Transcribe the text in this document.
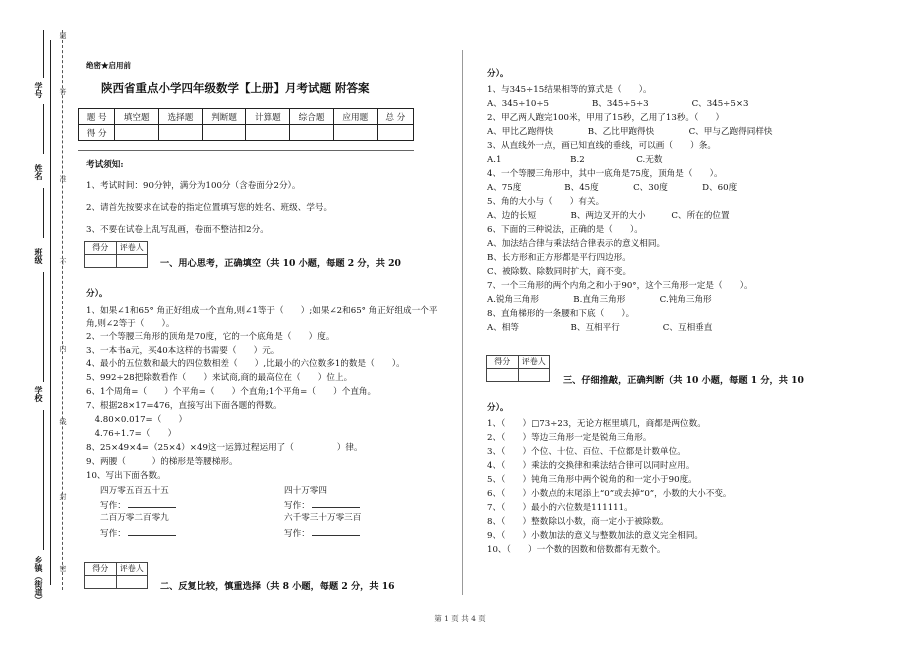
学号
姓名
班级
学校
乡镇（街道）
题
答
准
不
内
线
封
密
绝密★启用前
陕西省重点小学四年级数学【上册】月考试题 附答案
题 号	填空题	选择题	判断题	计算题	综合题	应用题	总 分
得 分							
考试须知:
1、考试时间：90分钟，满分为100分（含卷面分2分）。
2、请首先按要求在试卷的指定位置填写您的姓名、班级、学号。
3、不要在试卷上乱写乱画，卷面不整洁扣2分。
得分	评卷人
一、用心思考，正确填空（共 10 小题，每题 2 分，共 20
分）。
1、如果∠1和65° 角正好组成一个直角,则∠1等于（　　）;如果∠2和65° 角正好组成一个平
角,则∠2等于（　　）。
2、一个等腰三角形的顶角是70度，它的一个底角是（　　）度。
3、一本书a元，买40本这样的书需要（　　）元。
4、最小的五位数和最大的四位数相差（　　）,比最小的六位数多1的数是（　　）。
5、992÷28把除数看作（　　）来试商,商的最高位在（　　）位上。
6、1个周角=（　　）个平角=（　　）个直角;1个平角=（　　）个直角。
7、根据28×17=476，直接写出下面各题的得数。
　4.80×0.017=（　　）
　4.76÷1.7=（　　）
8、25×49×4=（25×4）×49这一运算过程运用了（　　　　　）律。
9、两腰（　　　）的梯形是等腰梯形。
10、写出下面各数。
四万零五百五十五	四十万零四
写作：	写作：
二百万零二百零九	六千零三十万零三百
写作：	写作：
得分	评卷人
二、反复比较，慎重选择（共 8 小题，每题 2 分，共 16
分）。
1、与345÷15结果相等的算式是（　　）。
A、345÷10÷5　　　　　B、345÷5÷3　　　　　C、345÷5×3
2、甲乙两人跑完100米，甲用了15秒，乙用了13秒。（　　）
A、甲比乙跑得快　　　　B、乙比甲跑得快　　　　C、甲与乙跑得同样快
3、从直线外一点，画已知直线的垂线，可以画（　　）条。
A.1　　　　　　　　B.2　　　　　　C.无数
4、一个等腰三角形中，其中一底角是75度，顶角是（　　）。
A、75度　　　　　B、45度　　　　C、30度　　　　D、60度
5、角的大小与（　　）有关。
A、边的长短　　　　B、两边叉开的大小　　　C、所在的位置
6、下面的三种说法，正确的是（　　）。
A、加法结合律与乘法结合律表示的意义相同。
B、长方形和正方形都是平行四边形。
C、被除数、除数同时扩大，商不变。
7、一个三角形的两个内角之和小于90°，这个三角形一定是（　　）。
A.锐角三角形　　　　B.直角三角形　　　　C.钝角三角形
8、直角梯形的一条腰和下底（　　）。
A、相等　　　　　　B、互相平行　　　　　C、互相垂直
得分	评卷人
三、仔细推敲，正确判断（共 10 小题，每题 1 分，共 10
分）。
1、（　　）□73÷23，无论方框里填几，商都是两位数。
2、（　　）等边三角形一定是锐角三角形。
3、（　　）个位、十位、百位、千位都是计数单位。
4、（　　）乘法的交换律和乘法结合律可以同时应用。
5、（　　）钝角三角形中两个锐角的和一定小于90度。
6、（　　）小数点的末尾添上“0”或去掉“0”，小数的大小不变。
7、（　　）最小的六位数是111111。
8、（　　）整数除以小数，商一定小于被除数。
9、（　　）小数加法的意义与整数加法的意义完全相同。
10、（　　）一个数的因数和倍数都有无数个。
第 1 页 共 4 页
